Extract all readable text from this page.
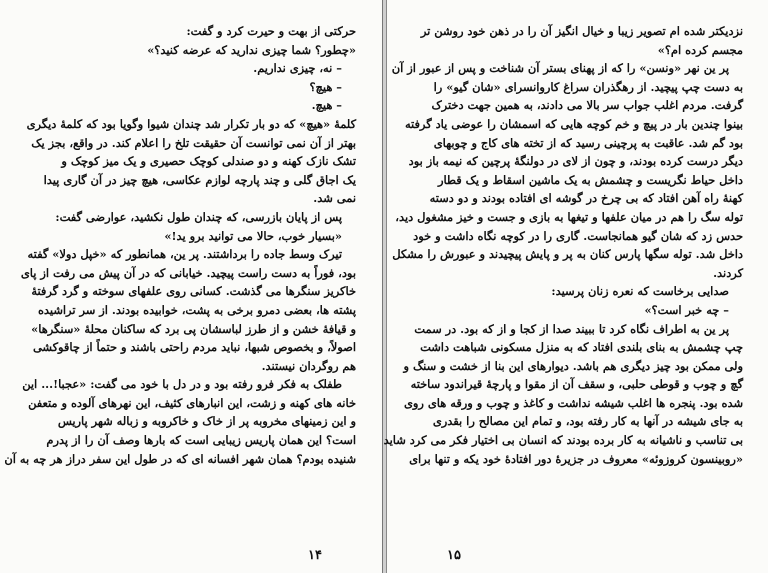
حرکتی از بهت و حیرت کرد و گفت:
«چطور؟ شما چیزی ندارید که عرضه کنید؟»
– نه، چیزی نداریم.
– هیچ؟
– هیچ.
کلمهٔ «هیچ» که دو بار تکرار شد چندان شیوا وگویا بود که کلمهٔ دیگری
بهتر از آن نمی توانست آن حقیقت تلخ را اعلام کند. در واقع، بجز یک
تشک نازک کهنه و دو صندلی کوچک حصیری و یک میز کوچک و
یک اجاق گلی و چند پارچه لوازم عکاسی، هیچ چیز در آن گاری پیدا
نمی شد.
پس از پایان بازرسی، که چندان طول نکشید، عوارضی گفت:
«بسیار خوب، حالا می توانید برو ید!»
تیرک وسط جاده را برداشتند. پر ین، همانطور که «خپل دولا» گفته
بود، فوراً به دست راست پیچید. خیابانی که در آن پیش می رفت از پای
خاکریز سنگرها می گذشت. کسانی روی علفهای سوخته و گرد گرفتهٔ
پشته ها، بعضی دمرو برخی به پشت، خوابیده بودند. از سر تراشیده
و قیافهٔ خشن و از طرز لباسشان پی برد که ساکنان محلهٔ «سنگرها»
اصولاً، و بخصوص شبها، نباید مردم راحتی باشند و حتماً از چاقوکشی
هم روگردان نیستند.
طفلک به فکر فرو رفته بود و در دل با خود می گفت: «عجبا!... این
خانه های کهنه و زشت، این انبارهای کثیف، این نهرهای آلوده و متعفن
و این زمینهای مخروبه پر از خاک و خاکروبه و زباله شهر پاریس
است؟ این همان پاریس زیبایی است که بارها وصف آن را از پدرم
شنیده بودم؟ همان شهر افسانه ای که در طول این سفر دراز هر چه به آن
۱۴
نزدیکتر شده ام تصویر زیبا و خیال انگیز آن را در ذهن خود روشن تر
مجسم کرده ام؟»
پر ین نهر «ونسن» را که از پهنای بستر آن شناخت و پس از عبور از آن
به دست چپ پیچید. از رهگذران سراغ کاروانسرای «شان گیو» را
گرفت. مردم اغلب جواب سر بالا می دادند، به همین جهت دخترک
بینوا چندین بار در پیچ و خم کوچه هایی که اسمشان را عوضی یاد گرفته
بود گم شد. عاقبت به پرچینی رسید که از تخته های کاج و چوبهای
دیگر درست کرده بودند، و چون از لای در دولنگهٔ پرچین که نیمه باز بود
داخل حیاط نگریست و چشمش به یک ماشین اسقاط و یک قطار
کهنهٔ راه آهن افتاد که بی چرخ در گوشه ای افتاده بودند و دو دسته
توله سگ را هم در میان علفها و تیغها به بازی و جست و خیز مشغول دید،
حدس زد که شان گیو همانجاست. گاری را در کوچه نگاه داشت و خود
داخل شد. توله سگها پارس کنان به پر و پایش پیچیدند و عبورش را مشکل
کردند.
صدایی برخاست که نعره زنان پرسید:
– چه خبر است؟»
پر ین به اطراف نگاه کرد تا ببیند صدا از کجا و از که بود. در سمت
چپ چشمش به بنای بلندی افتاد که به منزل مسکونی شباهت داشت
ولی ممکن بود چیز دیگری هم باشد. دیوارهای این بنا از خشت و سنگ و
گچ و چوب و قوطی حلبی، و سقف آن از مقوا و پارچهٔ قیراندود ساخته
شده بود. پنجره ها اغلب شیشه نداشت و کاغذ و چوب و ورقه های روی
به جای شیشه در آنها به کار رفته بود، و تمام این مصالح را بقدری
بی تناسب و ناشیانه به کار برده بودند که انسان بی اختیار فکر می کرد شاید
«روبینسون کروزوئه» معروف در جزیرهٔ دور افتادهٔ خود یکه و تنها برای
۱۵
